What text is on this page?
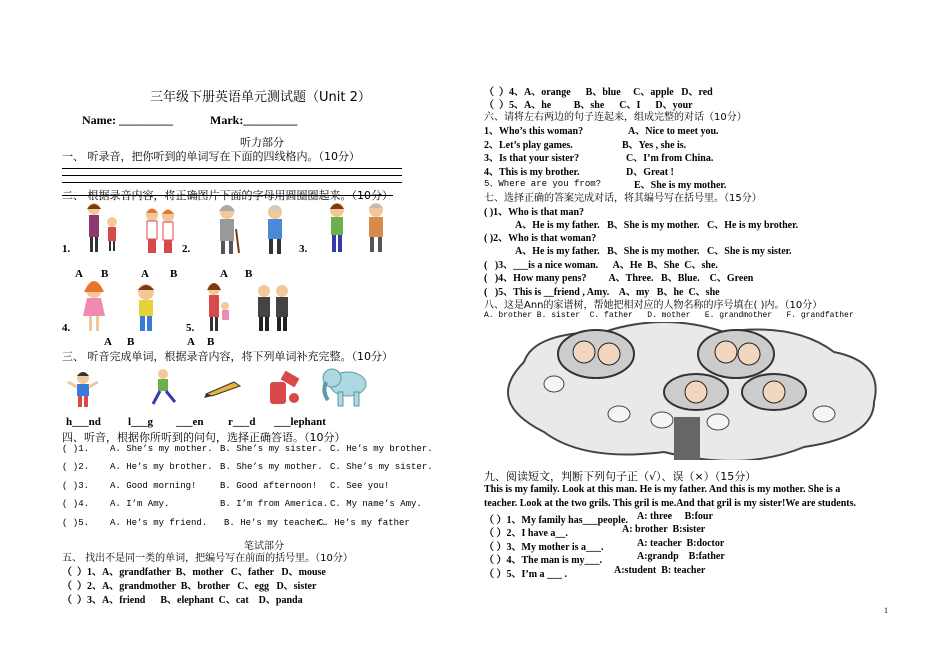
三年级下册英语单元测试题（Unit 2）
Name: _________	Mark:_________
听力部分
一、 听录音，把你听到的单词写在下面的四线格内。（10分）
二、 根据录音内容，将正确图片下面的字母用圆圈圈起来。（10分）
1.	2.	3.
A B	A B	A B
4.	5.
A B	A B
三、 听音完成单词，根据录音内容，将下列单词补充完整。（10分）
h___nd l___g ___en r___d ___lephant
四、听音，根据你所听到的问句，选择正确答语。（10分）
( )1. A. She’s my mother. B. She’s my sister. C. He’s my brother.
( )2. A. He’s my brother. B. She’s my mother. C. She’s my sister.
( )3. A. Good morning!	B. Good afternoon! C. See you!
( )4. A. I’m Amy.	B. I’m from America. C. My name’s Amy.
( )5. A. He’s my friend. B. He’s my teacher.
C. He’s my father
笔试部分
五、 找出不是同一类的单词，把编号写在前面的括号里。（10分）
（  ）1、A、grandfather  B、mother   C、father   D、mouse
（  ）2、A、grandmother  B、brother   C、egg   D、sister
（  ）3、A、friend      B、elephant  C、cat    D、panda
（  ）4、A、orange      B、blue     C、apple   D、red
（  ）5、A、he         B、she      C、I      D、your
六、请将左右两边的句子连起来，组成完整的对话（10分）
1、Who’s this woman?	A、Nice to meet you.
2、Let’s play games.	B、Yes , she is.
3、Is that your sister?	C、I’m from China.
4、This is my brother.	D、Great !
5、Where are you from?	E、She is my mother.
七、选择正确的答案完成对话，将其编号写在括号里。（15分）
( )1、Who is that man?
A、He is my father.   B、She is my mother.   C、He is my brother.
( )2、Who is that woman?
A、He is my father.   B、She is my mother.   C、She is my sister.
(   )3、___is a nice woman.      A、He  B、She  C、she.
(   )4、How many pens?         A、Three.   B、Blue.    C、Green
(   )5、This is __friend , Amy.    A、my   B、he  C、she
八、这是Ann的家谱树，帮她把相对应的人物名称的序号填在( )内。（10分）
A. brother B. sister  C. father   D. mother   E. grandmother   F. grandfather
九、阅读短文，判断下列句子正（√）、误（×）（15分）
This is my family. Look at this man. He is my father. And this is my mother. She is a
teacher. Look at the two grils. This gril is me.And that gril is my sister!We are students.
（ ）1、My family has___people. A: three     B:four
（ ）2、I have a__.	A: brother  B:sister
（ ）3、My mother is a___.	A: teacher  B:doctor
（ ）4、The man is my___.	A:grandp    B:father
（ ）5、I’m a ___ .	A:student  B: teacher
1
